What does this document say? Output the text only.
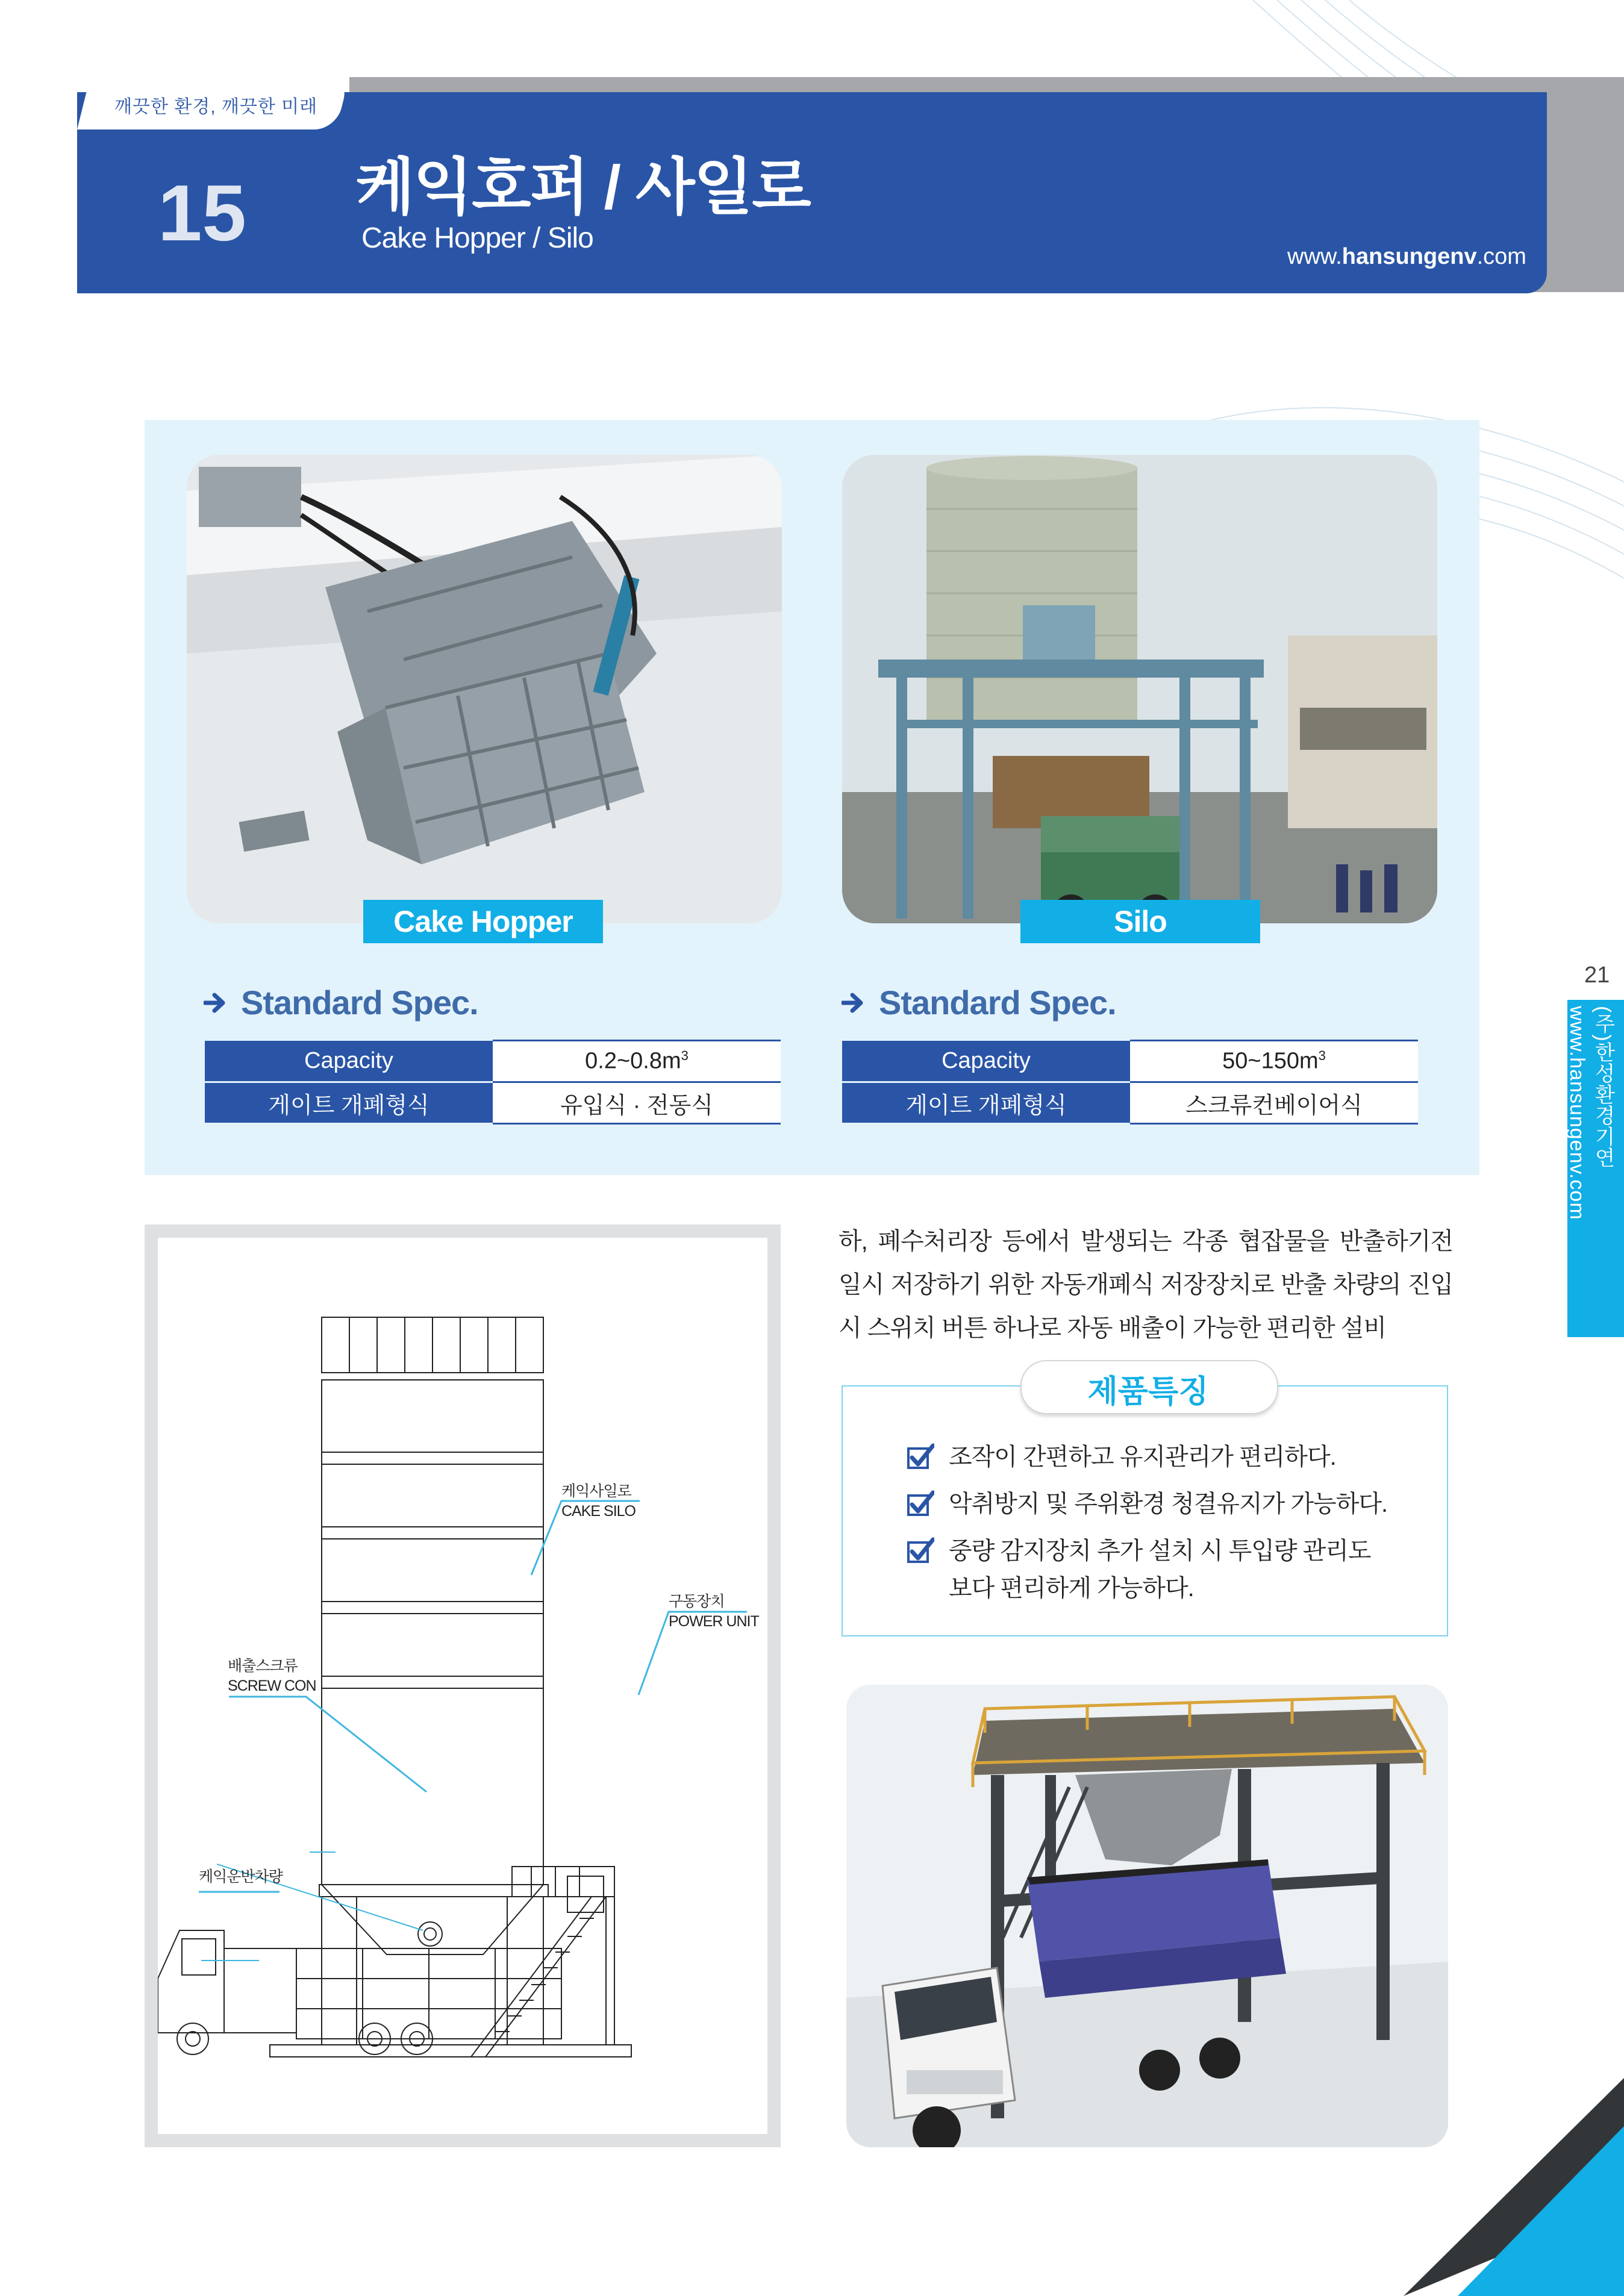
깨끗한 환경, 깨끗한 미래
15 케익호퍼 / 사일로
Cake Hopper / Silo
www.hansungenv.com
Cake Hopper	Silo
Standard Spec.	Standard Spec.
Capacity	$0.2\sim 0.8m^3$
게이트 개폐형식	유입식 · 전동식
Capacity	$50\sim 150m^3$
게이트 개폐형식	스크류컨베이어식
케익사일로
CAKE SILO
구동장치
POWER UNIT
배출스크류
SCREW CON
케익운반차량
하, 폐수처리장 등에서 발생되는 각종 협잡물을 반출하기전 일시 저장하기 위한 자동개폐식 저장장치로 반출 차량의 진입시 스위치 버튼 하나로 자동 배출이 가능한 편리한 설비
제품특징
조작이 간편하고 유지관리가 편리하다.
악취방지 및 주위환경 청결유지가 가능하다.
중량 감지장치 추가 설치 시 투입량 관리도
보다 편리하게 가능하다.
21
(주)한성환경기연 www.hansungenv.com
